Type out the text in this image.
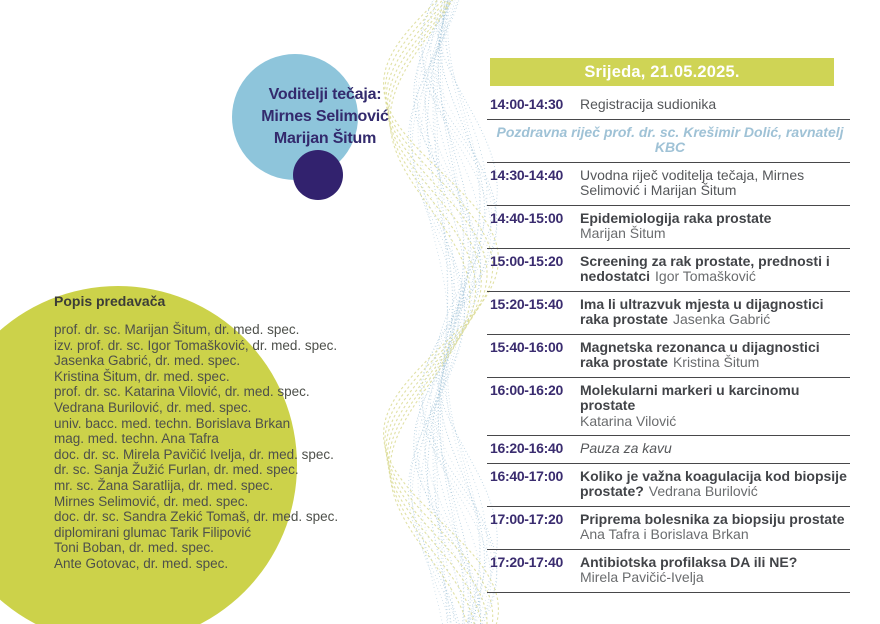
Voditelji tečaja:
Mirnes Selimović
Marijan Šitum
Popis predavača
prof. dr. sc. Marijan Šitum, dr. med. spec.
izv. prof. dr. sc. Igor Tomašković, dr. med. spec.
Jasenka Gabrić, dr. med. spec.
Kristina Šitum, dr. med. spec.
prof. dr. sc. Katarina Vilović, dr. med. spec.
Vedrana Burilović, dr. med. spec.
univ. bacc. med. techn. Borislava Brkan
mag. med. techn. Ana Tafra
doc. dr. sc. Mirela Pavičić Ivelja, dr. med. spec.
dr. sc. Sanja Žužić Furlan, dr. med. spec.
mr. sc. Žana Saratlija, dr. med. spec.
Mirnes Selimović, dr. med. spec.
doc. dr. sc. Sandra Zekić Tomaš, dr. med. spec.
diplomirani glumac Tarik Filipović
Toni Boban, dr. med. spec.
Ante Gotovac, dr. med. spec.
Srijeda, 21.05.2025.
14:00-14:30	Registracija sudionika
Pozdravna riječ prof. dr. sc. Krešimir Dolić, ravnatelj KBC
14:30-14:40	Uvodna riječ voditelja tečaja, Mirnes Selimović i Marijan Šitum
14:40-15:00	Epidemiologija raka prostate
Marijan Šitum
15:00-15:20	Screening za rak prostate, prednosti i nedostatci Igor Tomašković
15:20-15:40	Ima li ultrazvuk mjesta u dijagnostici raka prostate Jasenka Gabrić
15:40-16:00	Magnetska rezonanca u dijagnostici raka prostate Kristina Šitum
16:00-16:20	Molekularni markeri u karcinomu prostate
Katarina Vilović
16:20-16:40	Pauza za kavu
16:40-17:00	Koliko je važna koagulacija kod biopsije prostate? Vedrana Burilović
17:00-17:20	Priprema bolesnika za biopsiju prostate
Ana Tafra i Borislava Brkan
17:20-17:40	Antibiotska profilaksa DA ili NE?
Mirela Pavičić-Ivelja
